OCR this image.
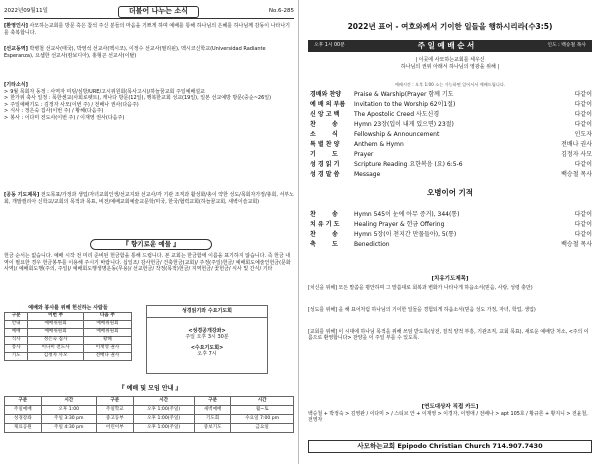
2022년09월11일	더불어 나누는 소식	No.6-285
[환영인사] 사모하는교회를 방문 혹은 참석 주신 분들의 마음을 기쁘게 하며 예배를 통해 하나님의 은혜를 하나님께 감동이 나타나기를 축복합니다.
[선교동역] 박병철 선교사(태국), 박영석 선교사(멕시코), 이정수 선교사(필리핀), 멕시코신학교(Universidad Radiante Esperanza), 요셉한 선교사(캄보디아), 홍형곤 선교사(이탈)
[기타소식]
> 9월 목회자 동정 : 사역자 미팅/심방/URE/고시위원회(목사고시)/하늘꿈교회 주일예배설교
> 한가위 축사 일정 : 폭한센교(사회로펫트), 캐나다 방문(12일), 행복한교회 성교(19일), 일본 선교예방 방문(중순~26일)
> 주일예배기도 : 김정자 사모(이번 주) / 전배나 권사(다음주)
> 식사 : 정은숙 집사(이번 주) / 황혜(다음주)
> 봉사 : 이다미 전도사(이번 주) / 이재영 권사(다음주)
[공동 기도제목] 전도목표/가정과 생업/자녀교회인생/선교지와 선교사/각 기관 조직과 활성화/총이 약한 성도/목회자가정/총회, 서부노회, 개발캘리아 신학교/교회의 목적과 목표, 비전/예배교회예술교문학/미국, 한국/협력교회(하늘꿈교회, 새벽이슬교회)
『 향기로운 예물 』
헌금 순서는 없습니다. 예배 시작 전 미리 준비된 헌금함을 통해 드립니다. 본 교회는 한금함에 이름을 표기하지 않습니다. 즉 헌금 내역이 필요한 경우 헌금봉투를 이용해 주시기 바랍니다. 십일조/ 감사헌금/ 건축헌금(교회)/ 주정(주일)헌금/ 예배회도예술인헌금(문화사역)/ 예배회도행(주의, 주일)/ 예배회도행생명운동(무용)/ 선교헌금/ 작정(목적)헌금/ 지역헌금/ 꽃헌금/ 식사 및 간식/ 기타
예배와 봉사를 위해 헌신하는 사람들		
구분	이번 주	다음 주
안내	예배위원회	예배위원회
예배	예배위원회	예배위원회
식사	정은숙 집사	황혜
봉사	이다미 전도사	이재영 권사
기도	김정자 사모	전배나 권사
성경읽기와 수요기도회
<성경공개강좌>
주일 오후 3시 30분
<수요기도회>
오후 7시
『 예배 및 모임 안내 』
구분	시간	구분	시간	구분	시간
주일예배	오후 1:00	주일학교	오후 1:00(주일)	새벽예배	월~토
성경강좌	주일 3:30 pm	중고등부	오후 1:00(주일)	기도회	수요일 7:00 pm
제료공원	주일 4:30 pm	어린이부	오후 1:00(주일)	중보기도	금요일
2022년 표어 - 여호와께서 기이한 일들을 행하시리라(수3:5)
오후 1시 00분	주 일 예 배 순 서	인도 : 백승철 목사
| 이곳에 사모하는교회를 세우신
하나님의 권위 아래서 하나님의 영광을 위해 |
예배시간 : 오후 1:00 소는 가능하면 일어서서 예배드립니다.
경배와 찬양	Praise & Warship(Prayer 함께 기도	다같이
예 배 의 부름	Invitation to the Worship 62이1절)	다같이
신 앙 고 백	The Apostolic Creed 사도신경	다같이
찬	송	Hymn 23장(입이 내게 있으면) 23절)	다같이
소	식	Fellowship & Announcement	인도자
특 별 찬 양	Anthem & Hymn	전배나 권사
기	도	Prayer	김정자 사모
성 경 읽 기	Scripture Reading 요한복음 (요) 6:5-6	다같이
성 경 말 씀	Message	백승철 목사
오병이어 기적
찬	송	Hymn 545이 눈에 아무 증거), 344(통)	다같이
치 유 기 도	Healing Prayer & 헌금 Offering	다같이
찬	송	Hymn 5장(이 천지간 만물들아), 5(통)	다같이
축	도	Benediction	백승철 목사
[치유기도제목]
[치신을 위해] 모든 말씀을 평안하며 그 말씀대로 회복과 변화가 나타나게 하옵소서(믿음, 사랑, 성령 충만)
[성도를 위해] 을 해 표어처럼 하나님의 기이한 일들을 경험되게 하옵소서(믿음 성도 가정, 자녀, 학업, 생업)
[교회를 위해] 이 시대에 하나님 목적을 위해 쓰임 받도록(성전, 질적 양적 부흥, 기관조직, 교회 목표), 새로운 예배당 처소, <주의 이름으로 환영합니다> 찬양을 이 주일 부를 수 있도록.
[연도대상자 직접 카드]
백승철 + 박정숙 > 김영완 / 이다미 > / 스티브 안 + 이재영 > 이경자, 이영애 / 전배나 > apt 105호 / 황규론 + 황지니 > 전윤철, 전영자
사모하는교회 Epipodo Christian Church 714.907.7430
